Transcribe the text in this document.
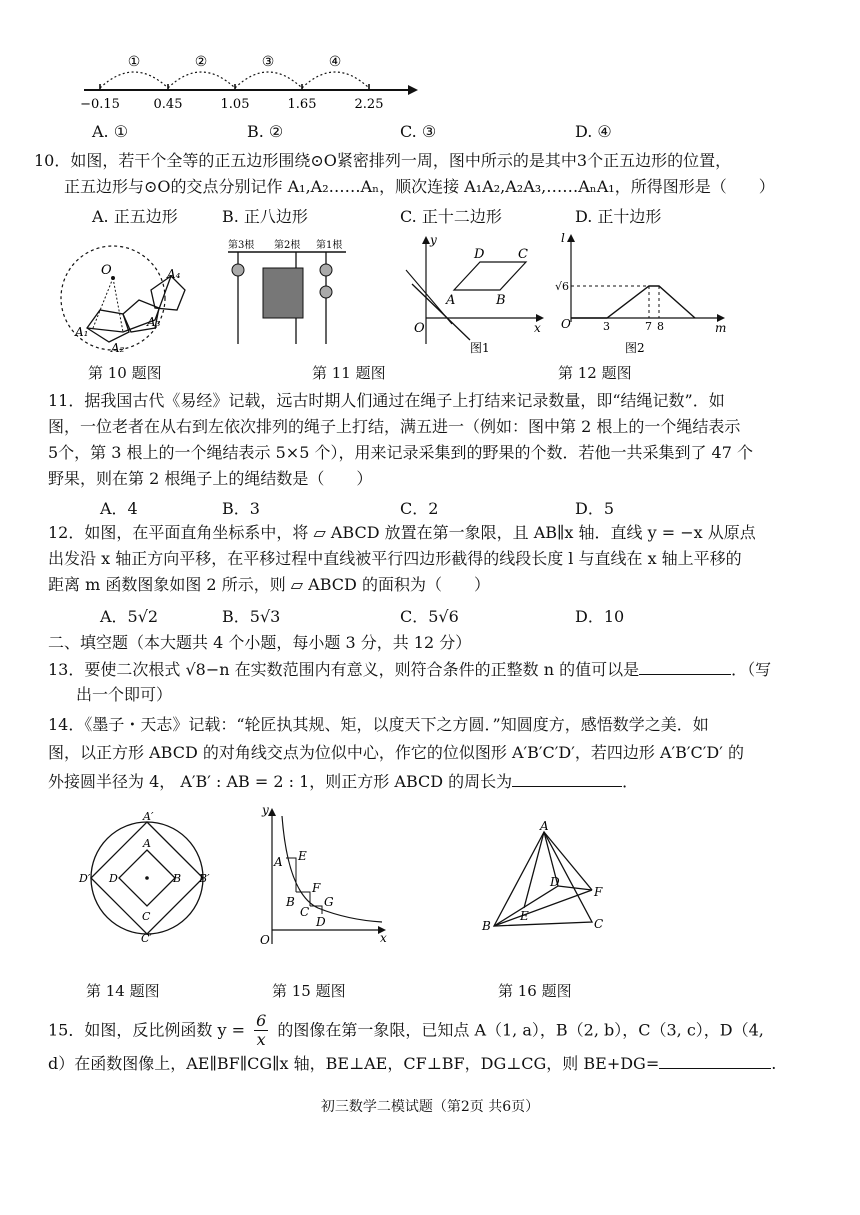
①	②	③	④
−0.15	0.45	1.05	1.65	2.25
A. ①	B. ②	C. ③	D. ④
10．如图，若干个全等的正五边形围绕⊙O紧密排列一周，图中所示的是其中3个正五边形的位置，
正五边形与⊙O的交点分别记作 A₁,A₂……Aₙ，顺次连接 A₁A₂,A₂A₃,……AₙA₁，所得图形是（　　）
A. 正五边形	B. 正八边形	C. 正十二边形	D. 正十边形
O
A₁
A₂
A₃
A₄
第3根 第2根 第1根	y
x
D	C
A	B
O
图1
l
√6
O	3	7 8	m
图2
第 10 题图	第 11 题图	第 12 题图
11．据我国古代《易经》记载，远古时期人们通过在绳子上打结来记录数量，即“结绳记数”．如
图，一位老者在从右到左依次排列的绳子上打结，满五进一（例如：图中第 2 根上的一个绳结表示
5个，第 3 根上的一个绳结表示 5×5 个），用来记录采集到的野果的个数．若他一共采集到了 47 个
野果，则在第 2 根绳子上的绳结数是（　　）
A．4	B．3	C．2	D．5
12．如图，在平面直角坐标系中，将 ▱ ABCD 放置在第一象限，且 AB∥x 轴．直线 y = −x 从原点
出发沿 x 轴正方向平移，在平移过程中直线被平行四边形截得的线段长度 l 与直线在 x 轴上平移的
距离 m 函数图象如图 2 所示，则 ▱ ABCD 的面积为（　　）
A．5√2	B．5√3	C．5√6	D．10
二、填空题（本大题共 4 个小题，每小题 3 分，共 12 分）
13．要使二次根式 √8−n 在实数范围内有意义，则符合条件的正整数 n 的值可以是	．（写
出一个即可）
14．《墨子・天志》记载：“轮匠执其规、矩，以度天下之方圆．”知圆度方，感悟数学之美．如
图，以正方形 ABCD 的对角线交点为位似中心，作它的位似图形 A′B′C′D′，若四边形 A′B′C′D′ 的
外接圆半径为 4， A′B′ : AB = 2 : 1，则正方形 ABCD 的周长为	．
A′
A
B B′
C
C′
D
D′
y
A E
F
B G
C
D
O	x
A
D
F
E
B	C
第 14 题图	第 15 题图	第 16 题图
15．如图，反比例函数 $y = \frac{6}{x}$ 的图像在第一象限，已知点 A（1, a），B（2, b），C（3, c），D（4,
d）在函数图像上，AE∥BF∥CG∥x 轴，BE⊥AE，CF⊥BF，DG⊥CG，则 BE+DG=	.
初三数学二模试题（第2页 共6页）
